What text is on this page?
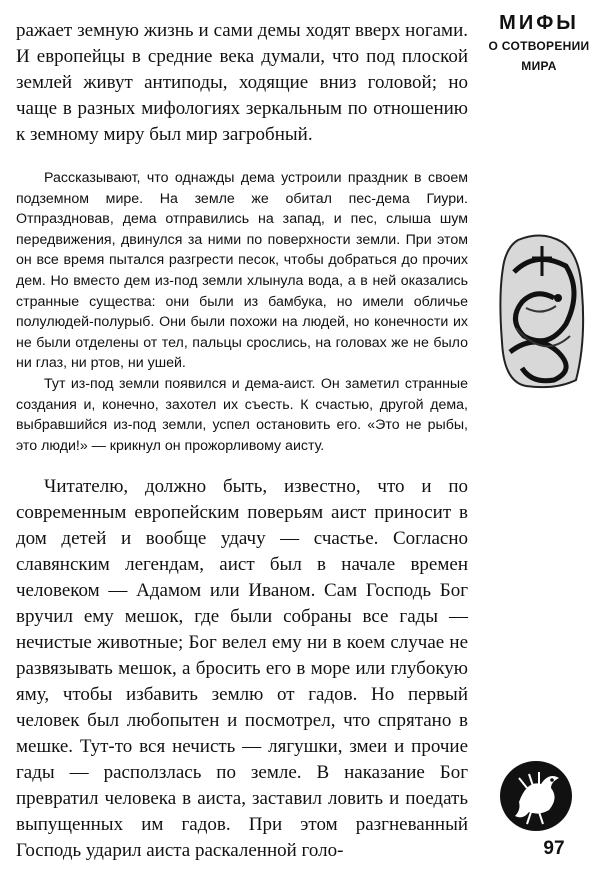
ражает земную жизнь и сами демы ходят вверх ногами. И европейцы в средние века думали, что под плоской землей живут антиподы, ходящие вниз головой; но чаще в разных мифологиях зеркальным по отношению к земному миру был мир загробный.

Рассказывают, что однажды дема устроили праздник в своем подземном мире. На земле же обитал пес-дема Гиури. Отпраздновав, дема отправились на запад, и пес, слыша шум передвижения, двинулся за ними по поверхности земли. При этом он все время пытался разгрести песок, чтобы добраться до прочих дем. Но вместо дем из-под земли хлынула вода, а в ней оказались странные существа: они были из бамбука, но имели обличье полулюдей-полурыб. Они были похожи на людей, но конечности их не были отделены от тел, пальцы срослись, на головах же не было ни глаз, ни ртов, ни ушей.

Тут из-под земли появился и дема-аист. Он заметил странные создания и, конечно, захотел их съесть. К счастью, другой дема, выбравшийся из-под земли, успел остановить его. «Это не рыбы, это люди!» — крикнул он прожорливому аисту.

Читателю, должно быть, известно, что и по современным европейским поверьям аист приносит в дом детей и вообще удачу — счастье. Согласно славянским легендам, аист был в начале времен человеком — Адамом или Иваном. Сам Господь Бог вручил ему мешок, где были собраны все гады — нечистые животные; Бог велел ему ни в коем случае не развязывать мешок, а бросить его в море или глубокую яму, чтобы избавить землю от гадов. Но первый человек был любопытен и посмотрел, что спрятано в мешке. Тут-то вся нечисть — лягушки, змеи и прочие гады — расползлась по земле. В наказание Бог превратил человека в аиста, заставил ловить и поедать выпущенных им гадов. При этом разгневанный Господь ударил аиста раскаленной голо-

МИФЫ
О СОТВОРЕНИИ
МИРА
97
